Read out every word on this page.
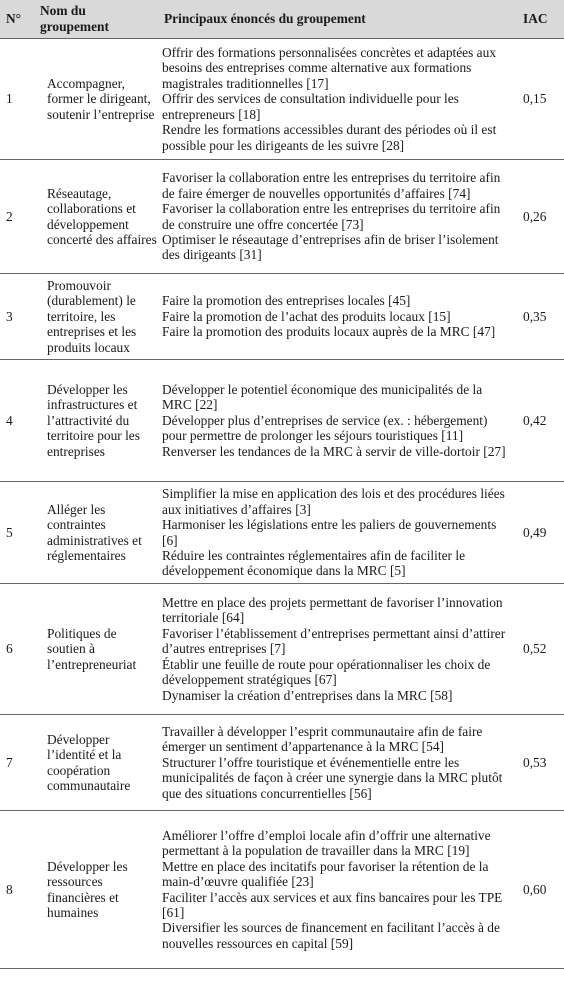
N°	Nom du groupement	Principaux énoncés du groupement	IAC
1	Accompagner, former le dirigeant, soutenir l’entreprise	Offrir des formations personnalisées concrètes et adaptées aux besoins des entreprises comme alternative aux formations magistrales traditionnelles [17]
Offrir des services de consultation individuelle pour les entrepreneurs [18]
Rendre les formations accessibles durant des périodes où il est possible pour les dirigeants de les suivre [28]	0,15
2	Réseautage, collaborations et développement concerté des affaires	Favoriser la collaboration entre les entreprises du territoire afin de faire émerger de nouvelles opportunités d’affaires [74]
Favoriser la collaboration entre les entreprises du territoire afin de construire une offre concertée [73]
Optimiser le réseautage d’entreprises afin de briser l’isolement des dirigeants [31]	0,26
3	Promouvoir (durablement) le territoire, les entreprises et les produits locaux	Faire la promotion des entreprises locales [45]
Faire la promotion de l’achat des produits locaux [15]
Faire la promotion des produits locaux auprès de la MRC [47]	0,35
4	Développer les infrastructures et l’attractivité du territoire pour les entreprises	Développer le potentiel économique des municipalités de la MRC [22]
Développer plus d’entreprises de service (ex. : hébergement) pour permettre de prolonger les séjours touristiques [11]
Renverser les tendances de la MRC à servir de ville-dortoir [27]	0,42
5	Alléger les contraintes administratives et réglementaires	Simplifier la mise en application des lois et des procédures liées aux initiatives d’affaires [3]
Harmoniser les législations entre les paliers de gouvernements [6]
Réduire les contraintes réglementaires afin de faciliter le développement économique dans la MRC [5]	0,49
6	Politiques de soutien à l’entrepreneuriat	Mettre en place des projets permettant de favoriser l’innovation territoriale [64]
Favoriser l’établissement d’entreprises permettant ainsi d’attirer d’autres entreprises [7]
Établir une feuille de route pour opérationnaliser les choix de développement stratégiques [67]
Dynamiser la création d’entreprises dans la MRC [58]	0,52
7	Développer l’identité et la coopération communautaire	Travailler à développer l’esprit communautaire afin de faire émerger un sentiment d’appartenance à la MRC [54]
Structurer l’offre touristique et événementielle entre les municipalités de façon à créer une synergie dans la MRC plutôt que des situations concurrentielles [56]	0,53
8	Développer les ressources financières et humaines	Améliorer l’offre d’emploi locale afin d’offrir une alternative permettant à la population de travailler dans la MRC [19]
Mettre en place des incitatifs pour favoriser la rétention de la main-d’œuvre qualifiée [23]
Faciliter l’accès aux services et aux fins bancaires pour les TPE [61]
Diversifier les sources de financement en facilitant l’accès à de nouvelles ressources en capital [59]	0,60
